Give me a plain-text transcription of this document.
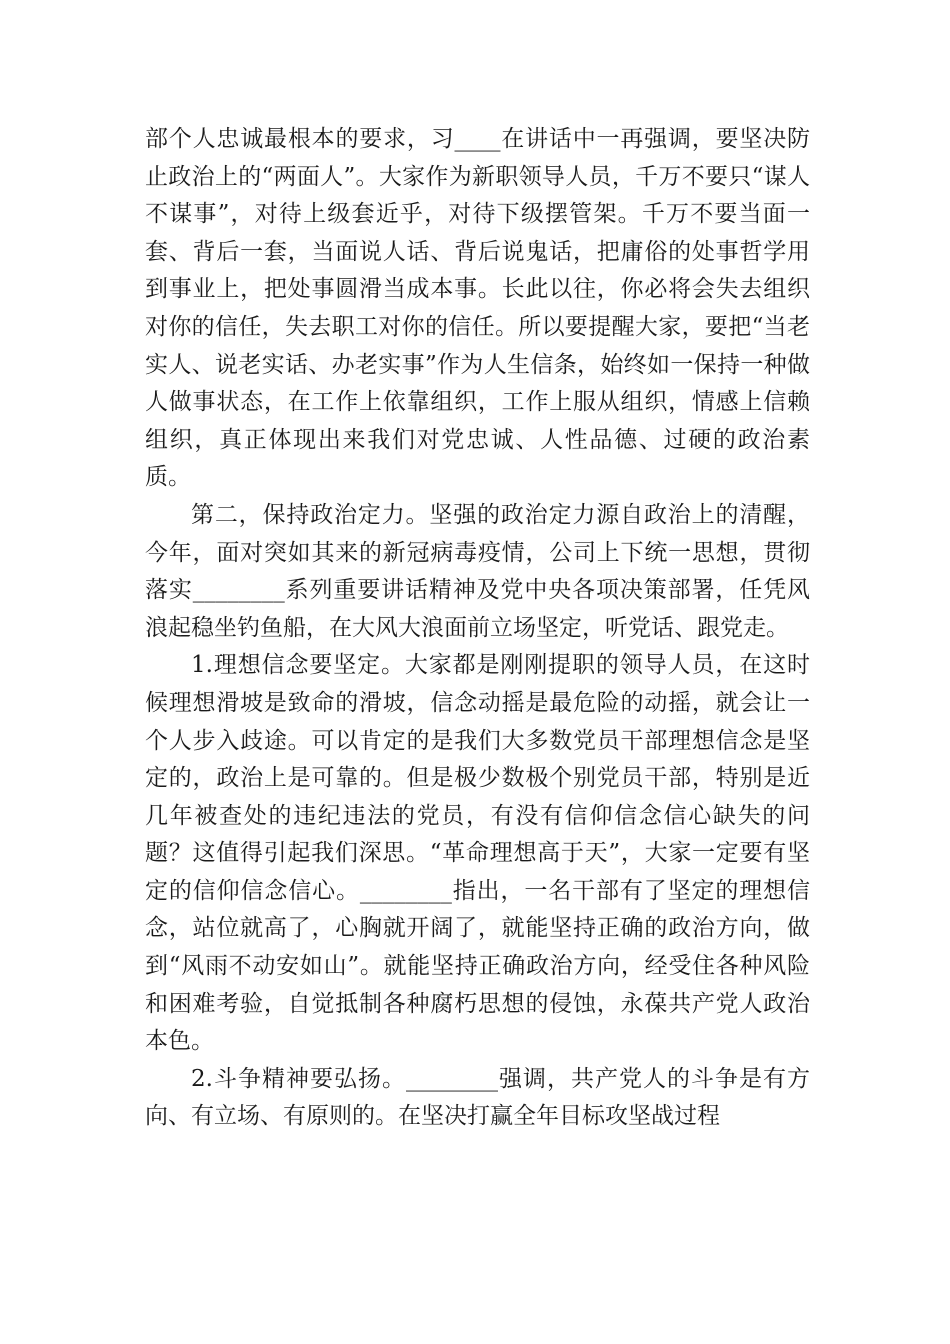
部个人忠诚最根本的要求，习____在讲话中一再强调，要坚决防止政治上的“两面人”。大家作为新职领导人员，千万不要只“谋人不谋事”，对待上级套近乎，对待下级摆管架。千万不要当面一套、背后一套，当面说人话、背后说鬼话，把庸俗的处事哲学用到事业上，把处事圆滑当成本事。长此以往，你必将会失去组织对你的信任，失去职工对你的信任。所以要提醒大家，要把“当老实人、说老实话、办老实事”作为人生信条，始终如一保持一种做人做事状态，在工作上依靠组织，工作上服从组织，情感上信赖组织，真正体现出来我们对党忠诚、人性品德、过硬的政治素质。

第二，保持政治定力。坚强的政治定力源自政治上的清醒，今年，面对突如其来的新冠病毒疫情，公司上下统一思想，贯彻落实________系列重要讲话精神及党中央各项决策部署，任凭风浪起稳坐钓鱼船，在大风大浪面前立场坚定，听党话、跟党走。

1.理想信念要坚定。大家都是刚刚提职的领导人员，在这时候理想滑坡是致命的滑坡，信念动摇是最危险的动摇，就会让一个人步入歧途。可以肯定的是我们大多数党员干部理想信念是坚定的，政治上是可靠的。但是极少数极个别党员干部，特别是近几年被查处的违纪违法的党员，有没有信仰信念信心缺失的问题？这值得引起我们深思。“革命理想高于天”，大家一定要有坚定的信仰信念信心。________指出，一名干部有了坚定的理想信念，站位就高了，心胸就开阔了，就能坚持正确的政治方向，做到“风雨不动安如山”。就能坚持正确政治方向，经受住各种风险和困难考验，自觉抵制各种腐朽思想的侵蚀，永葆共产党人政治本色。

2.斗争精神要弘扬。________强调，共产党人的斗争是有方向、有立场、有原则的。在坚决打赢全年目标攻坚战过程
